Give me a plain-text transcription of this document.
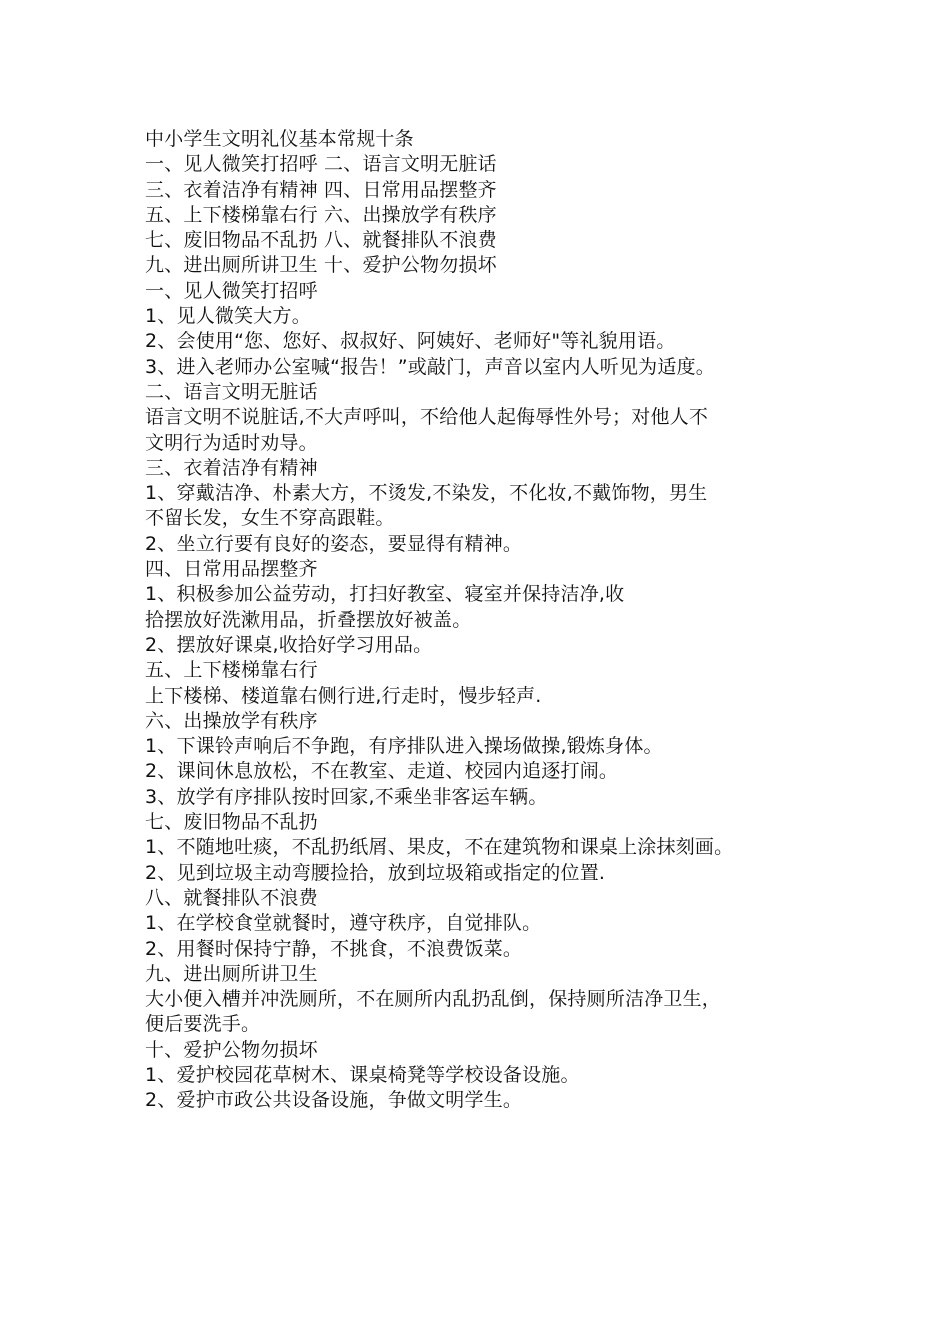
中小学生文明礼仪基本常规十条

一、见人微笑打招呼 二、语言文明无脏话

三、衣着洁净有精神 四、日常用品摆整齐

五、上下楼梯靠右行 六、出操放学有秩序

七、废旧物品不乱扔 八、就餐排队不浪费

九、进出厕所讲卫生 十、爱护公物勿损坏

一、见人微笑打招呼

1、见人微笑大方。

2、会使用“您、您好、叔叔好、阿姨好、老师好"等礼貌用语。

3、进入老师办公室喊“报告！”或敲门，声音以室内人听见为适度。

二、语言文明无脏话

语言文明不说脏话,不大声呼叫，不给他人起侮辱性外号；对他人不

文明行为适时劝导。

三、衣着洁净有精神

1、穿戴洁净、朴素大方，不烫发,不染发，不化妆,不戴饰物，男生

不留长发，女生不穿高跟鞋。

2、坐立行要有良好的姿态，要显得有精神。

四、日常用品摆整齐

1、积极参加公益劳动，打扫好教室、寝室并保持洁净,收

拾摆放好洗漱用品，折叠摆放好被盖。

2、摆放好课桌,收拾好学习用品。

五、上下楼梯靠右行

上下楼梯、楼道靠右侧行进,行走时，慢步轻声.

六、出操放学有秩序

1、下课铃声响后不争跑，有序排队进入操场做操,锻炼身体。

2、课间休息放松，不在教室、走道、校园内追逐打闹。

3、放学有序排队按时回家,不乘坐非客运车辆。

七、废旧物品不乱扔

1、不随地吐痰，不乱扔纸屑、果皮，不在建筑物和课桌上涂抹刻画。

2、见到垃圾主动弯腰捡拾，放到垃圾箱或指定的位置.

八、就餐排队不浪费

1、在学校食堂就餐时，遵守秩序，自觉排队。

2、用餐时保持宁静，不挑食，不浪费饭菜。

九、进出厕所讲卫生

大小便入槽并冲洗厕所，不在厕所内乱扔乱倒，保持厕所洁净卫生，

便后要洗手。

十、爱护公物勿损坏

1、爱护校园花草树木、课桌椅凳等学校设备设施。

2、爱护市政公共设备设施，争做文明学生。
